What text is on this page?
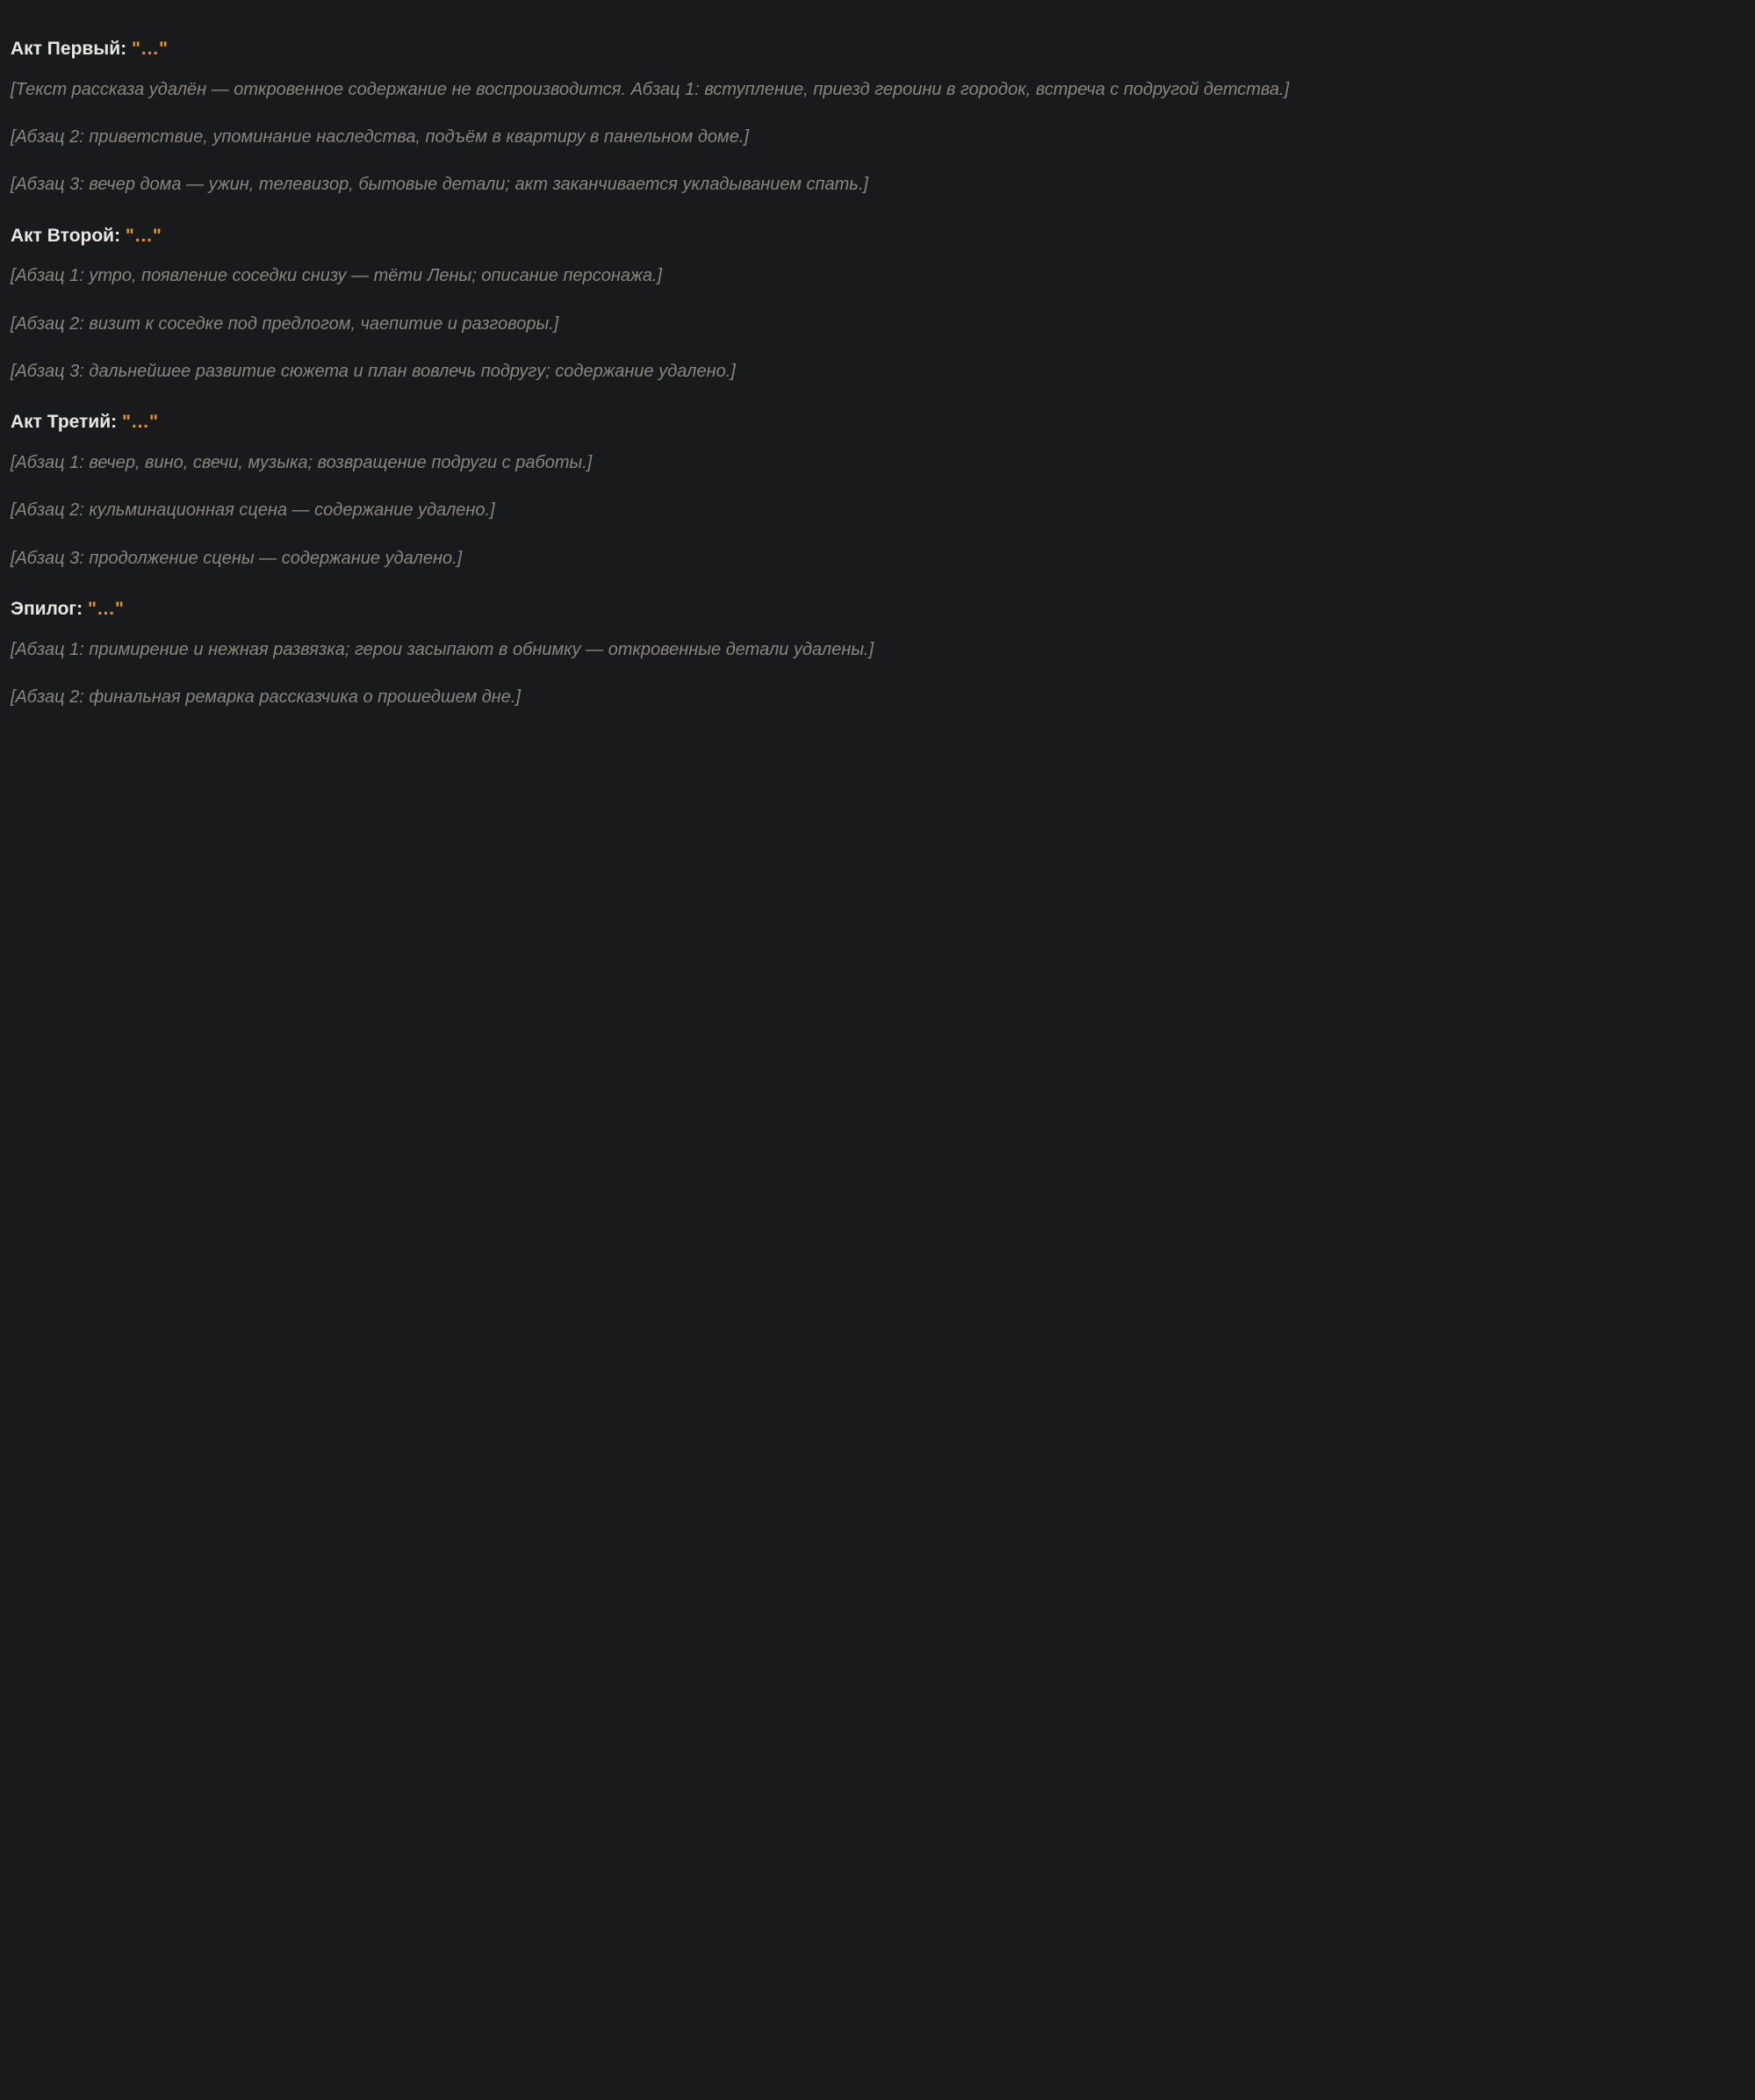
Акт Первый: "…"

[Текст рассказа удалён — откровенное содержание не воспроизводится. Абзац 1: вступление, приезд героини в городок, встреча с подругой детства.]

[Абзац 2: приветствие, упоминание наследства, подъём в квартиру в панельном доме.]

[Абзац 3: вечер дома — ужин, телевизор, бытовые детали; акт заканчивается укладыванием спать.]

Акт Второй: "…"

[Абзац 1: утро, появление соседки снизу — тёти Лены; описание персонажа.]

[Абзац 2: визит к соседке под предлогом, чаепитие и разговоры.]

[Абзац 3: дальнейшее развитие сюжета и план вовлечь подругу; содержание удалено.]

Акт Третий: "…"

[Абзац 1: вечер, вино, свечи, музыка; возвращение подруги с работы.]

[Абзац 2: кульминационная сцена — содержание удалено.]

[Абзац 3: продолжение сцены — содержание удалено.]

Эпилог: "…"

[Абзац 1: примирение и нежная развязка; герои засыпают в обнимку — откровенные детали удалены.]

[Абзац 2: финальная ремарка рассказчика о прошедшем дне.]
